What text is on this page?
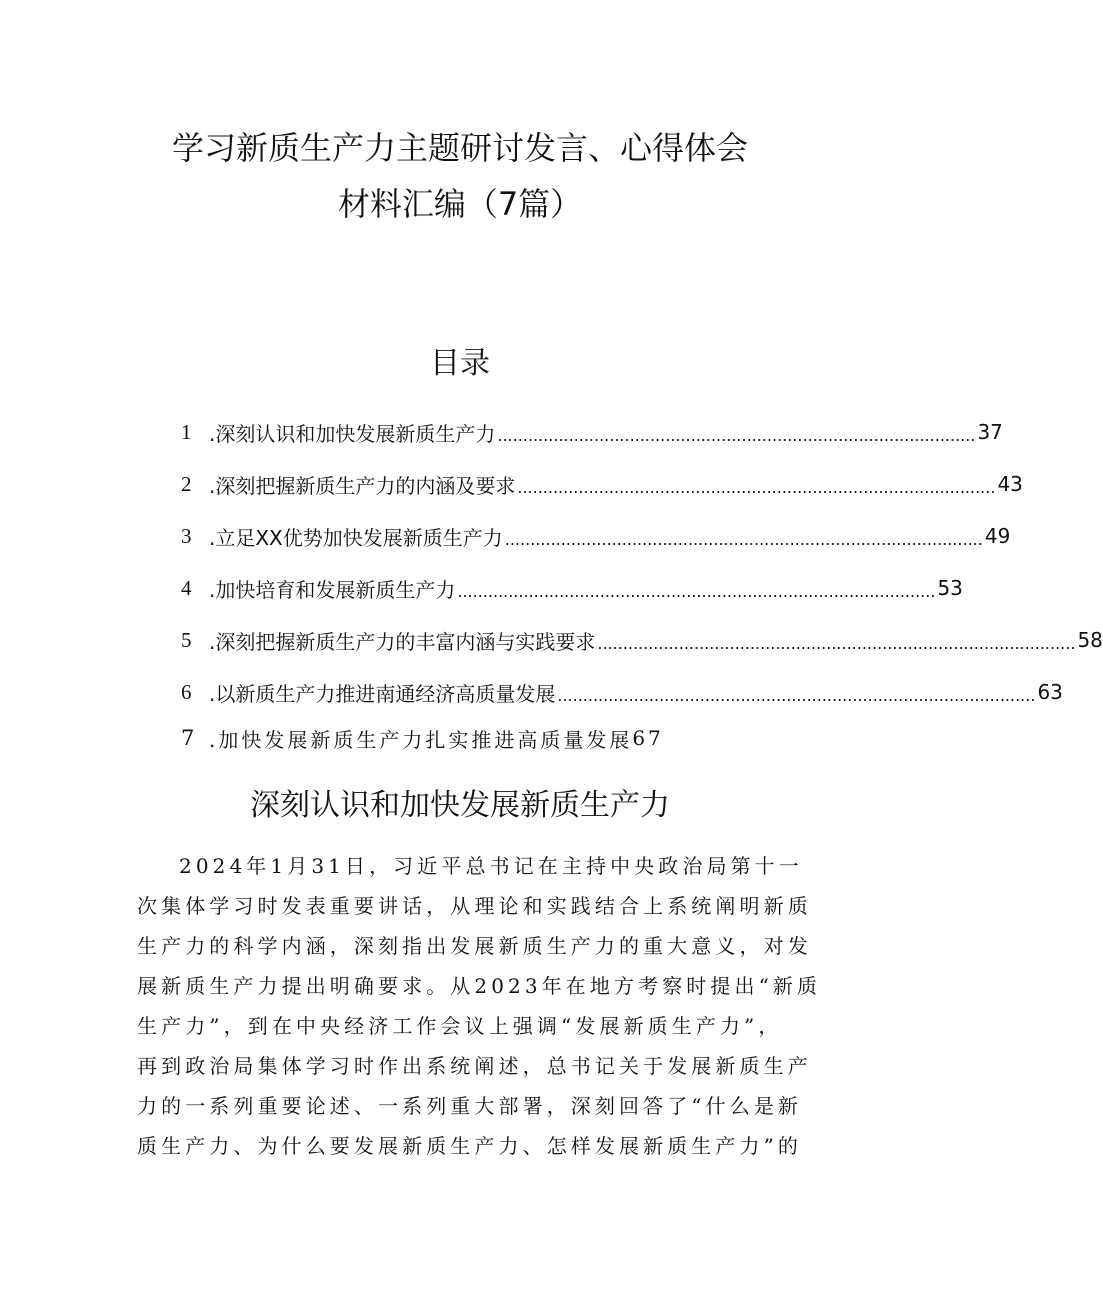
学习新质生产力主题研讨发言、心得体会
材料汇编（7篇）
目录
1 .深刻认识和加快发展新质生产力 .............................................................................................. 37
2 .深刻把握新质生产力的内涵及要求 .............................................................................................. 43
3 .立足XX优势加快发展新质生产力 .............................................................................................. 49
4 .加快培育和发展新质生产力 .............................................................................................. 53
5 .深刻把握新质生产力的丰富内涵与实践要求 .............................................................................................. 58
6 .以新质生产力推进南通经济高质量发展 .............................................................................................. 63
7 .加快发展新质生产力扎实推进高质量发展 67
深刻认识和加快发展新质生产力
2024年1月31日，习近平总书记在主持中央政治局第十一
次集体学习时发表重要讲话，从理论和实践结合上系统阐明新质
生产力的科学内涵，深刻指出发展新质生产力的重大意义，对发
展新质生产力提出明确要求。从2023年在地方考察时提出“新质
生产力”，到在中央经济工作会议上强调“发展新质生产力”，
再到政治局集体学习时作出系统阐述，总书记关于发展新质生产
力的一系列重要论述、一系列重大部署，深刻回答了“什么是新
质生产力、为什么要发展新质生产力、怎样发展新质生产力”的
